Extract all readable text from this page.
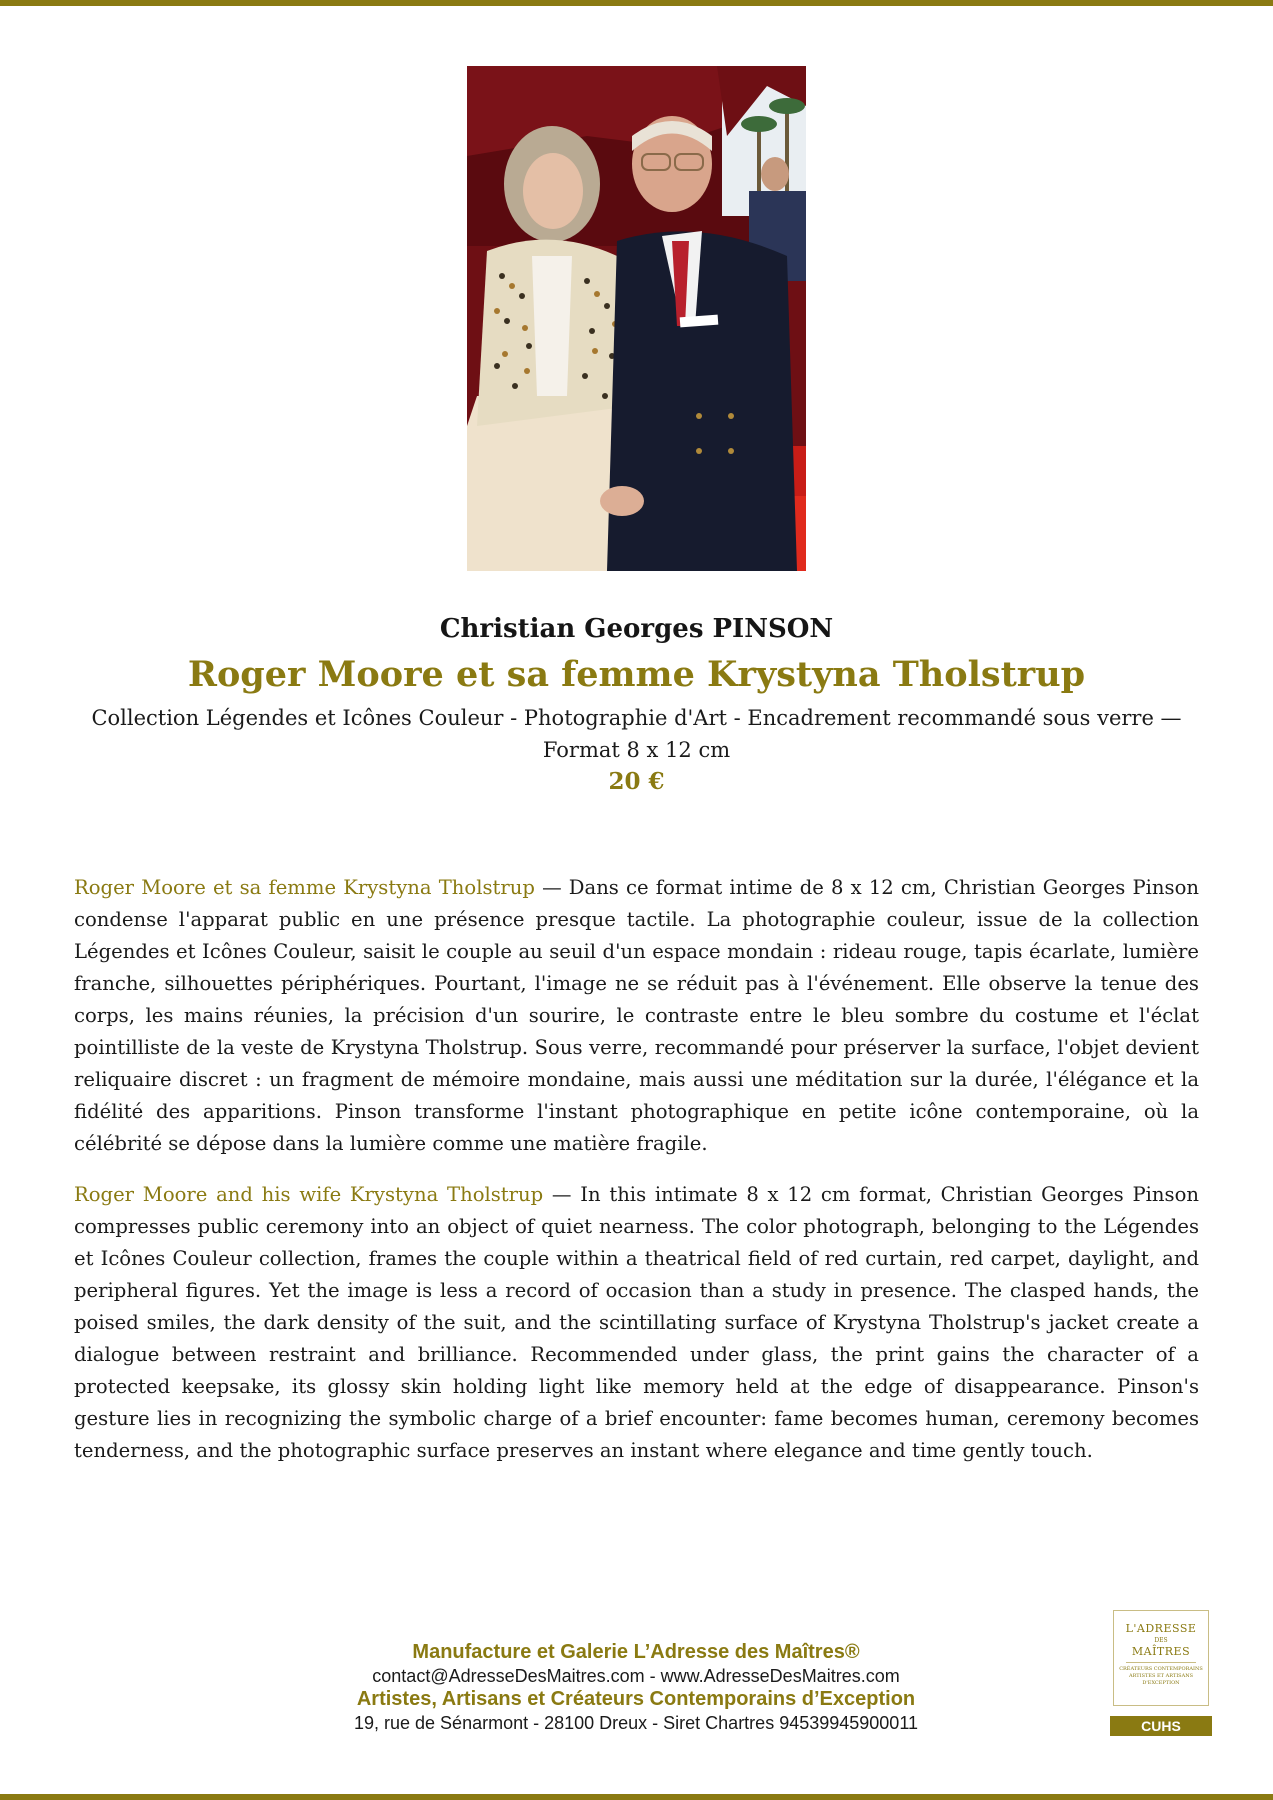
Christian Georges PINSON
Roger Moore et sa femme Krystyna Tholstrup
Collection Légendes et Icônes Couleur - Photographie d'Art - Encadrement recommandé sous verre — Format 8 x 12 cm
20 €

Roger Moore et sa femme Krystyna Tholstrup — Dans ce format intime de 8 x 12 cm, Christian Georges Pinson condense l'apparat public en une présence presque tactile. La photographie couleur, issue de la collection Légendes et Icônes Couleur, saisit le couple au seuil d'un espace mondain : rideau rouge, tapis écarlate, lumière franche, silhouettes périphériques. Pourtant, l'image ne se réduit pas à l'événement. Elle observe la tenue des corps, les mains réunies, la précision d'un sourire, le contraste entre le bleu sombre du costume et l'éclat pointilliste de la veste de Krystyna Tholstrup. Sous verre, recommandé pour préserver la surface, l'objet devient reliquaire discret : un fragment de mémoire mondaine, mais aussi une méditation sur la durée, l'élégance et la fidélité des apparitions. Pinson transforme l'instant photographique en petite icône contemporaine, où la célébrité se dépose dans la lumière comme une matière fragile.

Roger Moore and his wife Krystyna Tholstrup — In this intimate 8 x 12 cm format, Christian Georges Pinson compresses public ceremony into an object of quiet nearness. The color photograph, belonging to the Légendes et Icônes Couleur collection, frames the couple within a theatrical field of red curtain, red carpet, daylight, and peripheral figures. Yet the image is less a record of occasion than a study in presence. The clasped hands, the poised smiles, the dark density of the suit, and the scintillating surface of Krystyna Tholstrup's jacket create a dialogue between restraint and brilliance. Recommended under glass, the print gains the character of a protected keepsake, its glossy skin holding light like memory held at the edge of disappearance. Pinson's gesture lies in recognizing the symbolic charge of a brief encounter: fame becomes human, ceremony becomes tenderness, and the photographic surface preserves an instant where elegance and time gently touch.

Manufacture et Galerie L’Adresse des Maîtres®
contact@AdresseDesMaitres.com - www.AdresseDesMaitres.com
Artistes, Artisans et Créateurs Contemporains d’Exception
19, rue de Sénarmont - 28100 Dreux - Siret Chartres 94539945900011
L'ADRESSE
DES
MAÎTRES
CRÉATEURS CONTEMPORAINS
ARTISTES ET ARTISANS
D'EXCEPTION
CUHS
